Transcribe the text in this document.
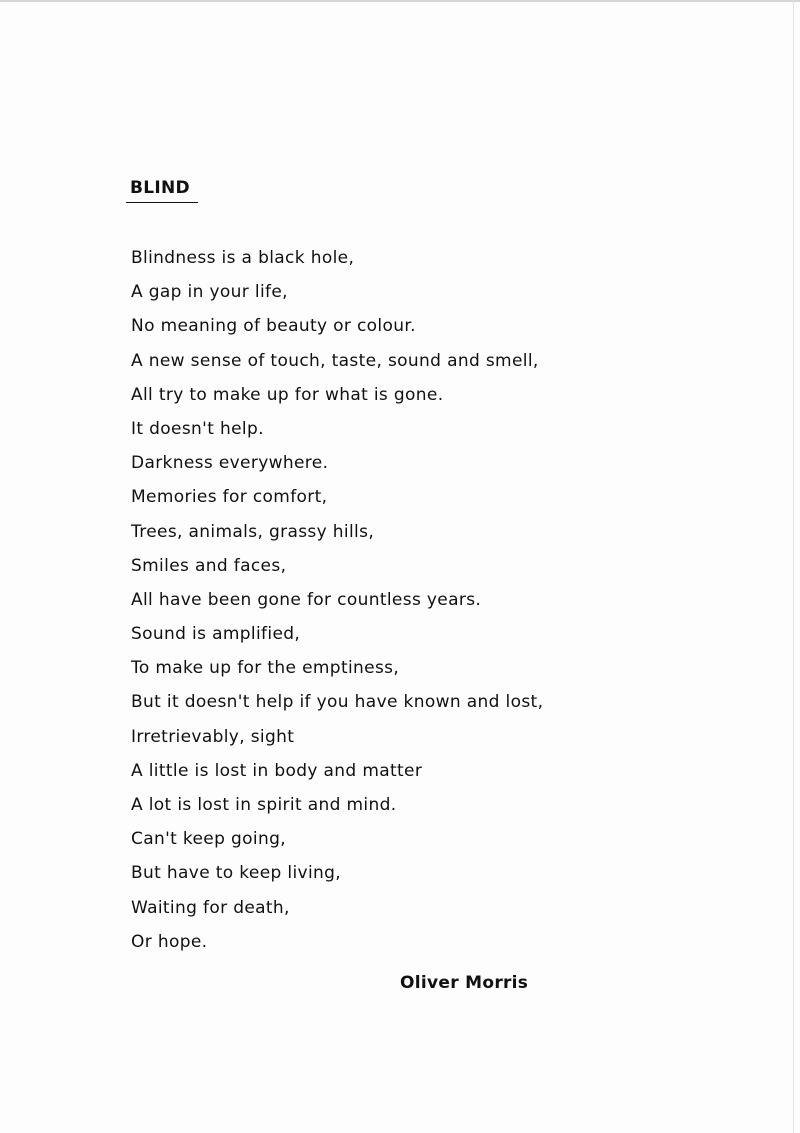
BLIND
Blindness is a black hole,
A gap in your life,
No meaning of beauty or colour.
A new sense of touch, taste, sound and smell,
All try to make up for what is gone.
It doesn't help.
Darkness everywhere.
Memories for comfort,
Trees, animals, grassy hills,
Smiles and faces,
All have been gone for countless years.
Sound is amplified,
To make up for the emptiness,
But it doesn't help if you have known and lost,
Irretrievably, sight
A little is lost in body and matter
A lot is lost in spirit and mind.
Can't keep going,
But have to keep living,
Waiting for death,
Or hope.
Oliver Morris
